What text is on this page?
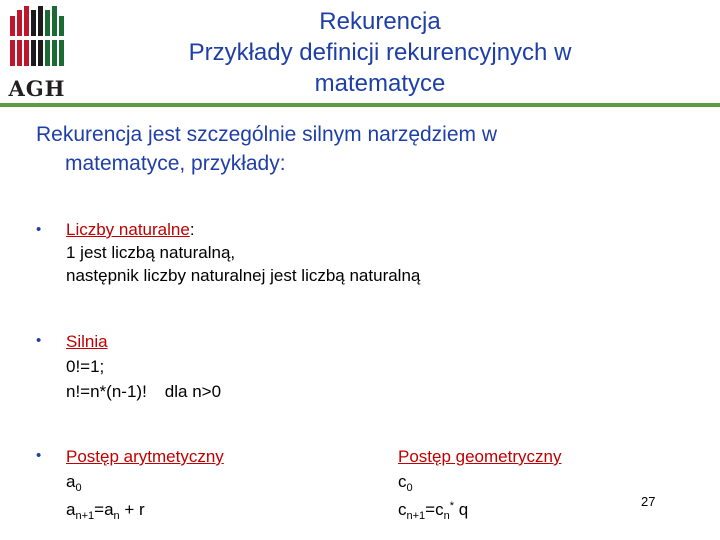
AGH
Rekurencja
Przykłady definicji rekurencyjnych w
matematyce
Rekurencja jest szczególnie silnym narzędziem w
matematyce, przykłady:
• Liczby naturalne:
1 jest liczbą naturalną,
następnik liczby naturalnej jest liczbą naturalną
• Silnia
0!=1;
n!=n*(n-1)! dla n>0
• Postęp arytmetyczny
$a_0$
$a_{n+1}=a_n + r$
Postęp geometryczny
$c_0$
$c_{n+1}=c_n^*$ q	27
